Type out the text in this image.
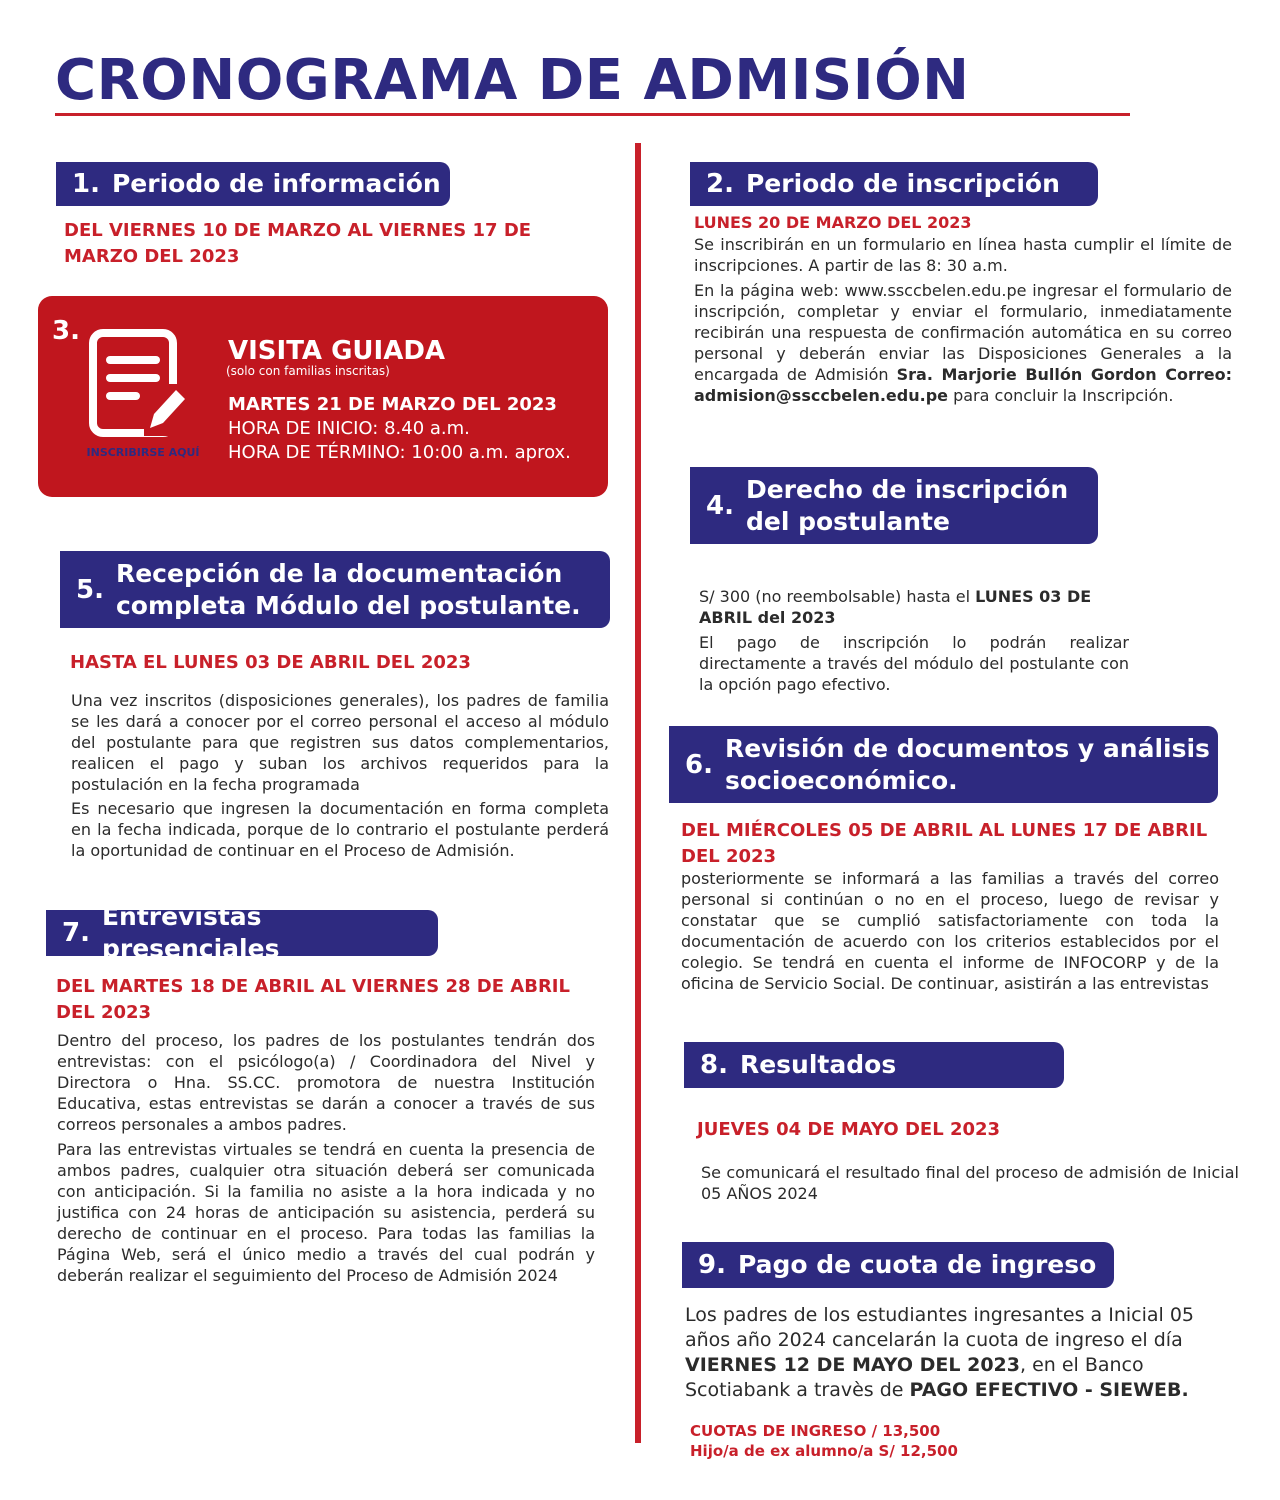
CRONOGRAMA DE ADMISIÓN
1. Periodo de información
DEL VIERNES 10 DE MARZO AL VIERNES 17 DE MARZO DEL 2023
3.
INSCRIBIRSE AQUÍ
VISITA GUIADA
(solo con familias inscritas)
MARTES 21 DE MARZO DEL 2023
HORA DE INICIO: 8.40 a.m.
HORA DE TÉRMINO: 10:00 a.m. aprox.
5.
Recepción de la documentación
completa Módulo del postulante.
HASTA EL LUNES 03 DE ABRIL DEL 2023
Una vez inscritos (disposiciones generales), los padres de familia se les dará a conocer por el correo personal el acceso al módulo del postulante para que registren sus datos complementarios, realicen el pago y suban los archivos requeridos para la postulación en la fecha programada
Es necesario que ingresen la documentación en forma completa en la fecha indicada, porque de lo contrario el postulante perderá la oportunidad de continuar en el Proceso de Admisión.
7.
Entrevistas presenciales
DEL MARTES 18 DE ABRIL AL VIERNES 28 DE ABRIL DEL 2023
Dentro del proceso, los padres de los postulantes tendrán dos entrevistas: con el psicólogo(a) / Coordinadora del Nivel y Directora o Hna. SS.CC. promotora de nuestra Institución Educativa, estas entrevistas se darán a conocer a través de sus correos personales a ambos padres.
Para las entrevistas virtuales se tendrá en cuenta la presencia de ambos padres, cualquier otra situación deberá ser comunicada con anticipación. Si la familia no asiste a la hora indicada y no justifica con 24 horas de anticipación su asistencia, perderá su derecho de continuar en el proceso. Para todas las familias la Página Web, será el único medio a través del cual podrán y deberán realizar el seguimiento del Proceso de Admisión 2024
2. Periodo de inscripción
LUNES 20 DE MARZO DEL 2023
Se inscribirán en un formulario en línea hasta cumplir el límite de inscripciones. A partir de las 8: 30 a.m.
En la página web: www.ssccbelen.edu.pe ingresar el formulario de inscripción, completar y enviar el formulario, inmediatamente recibirán una respuesta de confirmación automática en su correo personal y deberán enviar las Disposiciones Generales a la encargada de Admisión Sra. Marjorie Bullón Gordon Correo: admision@ssccbelen.edu.pe para concluir la Inscripción.
4.
Derecho de inscripción
del postulante
S/ 300 (no reembolsable) hasta el LUNES 03 DE ABRIL del 2023
El pago de inscripción lo podrán realizar directamente a través del módulo del postulante con la opción pago efectivo.
6.
Revisión de documentos y análisis
socioeconómico.
DEL MIÉRCOLES 05 DE ABRIL AL LUNES 17 DE ABRIL DEL 2023
posteriormente se informará a las familias a través del correo personal si continúan o no en el proceso, luego de revisar y constatar que se cumplió satisfactoriamente con toda la documentación de acuerdo con los criterios establecidos por el colegio. Se tendrá en cuenta el informe de INFOCORP y de la oficina de Servicio Social. De continuar, asistirán a las entrevistas
8. Resultados
JUEVES 04 DE MAYO DEL 2023
Se comunicará el resultado final del proceso de admisión de Inicial 05 AÑOS 2024
9. Pago de cuota de ingreso
Los padres de los estudiantes ingresantes a Inicial 05 años año 2024 cancelarán la cuota de ingreso el día VIERNES 12 DE MAYO DEL 2023, en el Banco Scotiabank a travès de PAGO EFECTIVO - SIEWEB.
CUOTAS DE INGRESO / 13,500
Hijo/a de ex alumno/a S/ 12,500
